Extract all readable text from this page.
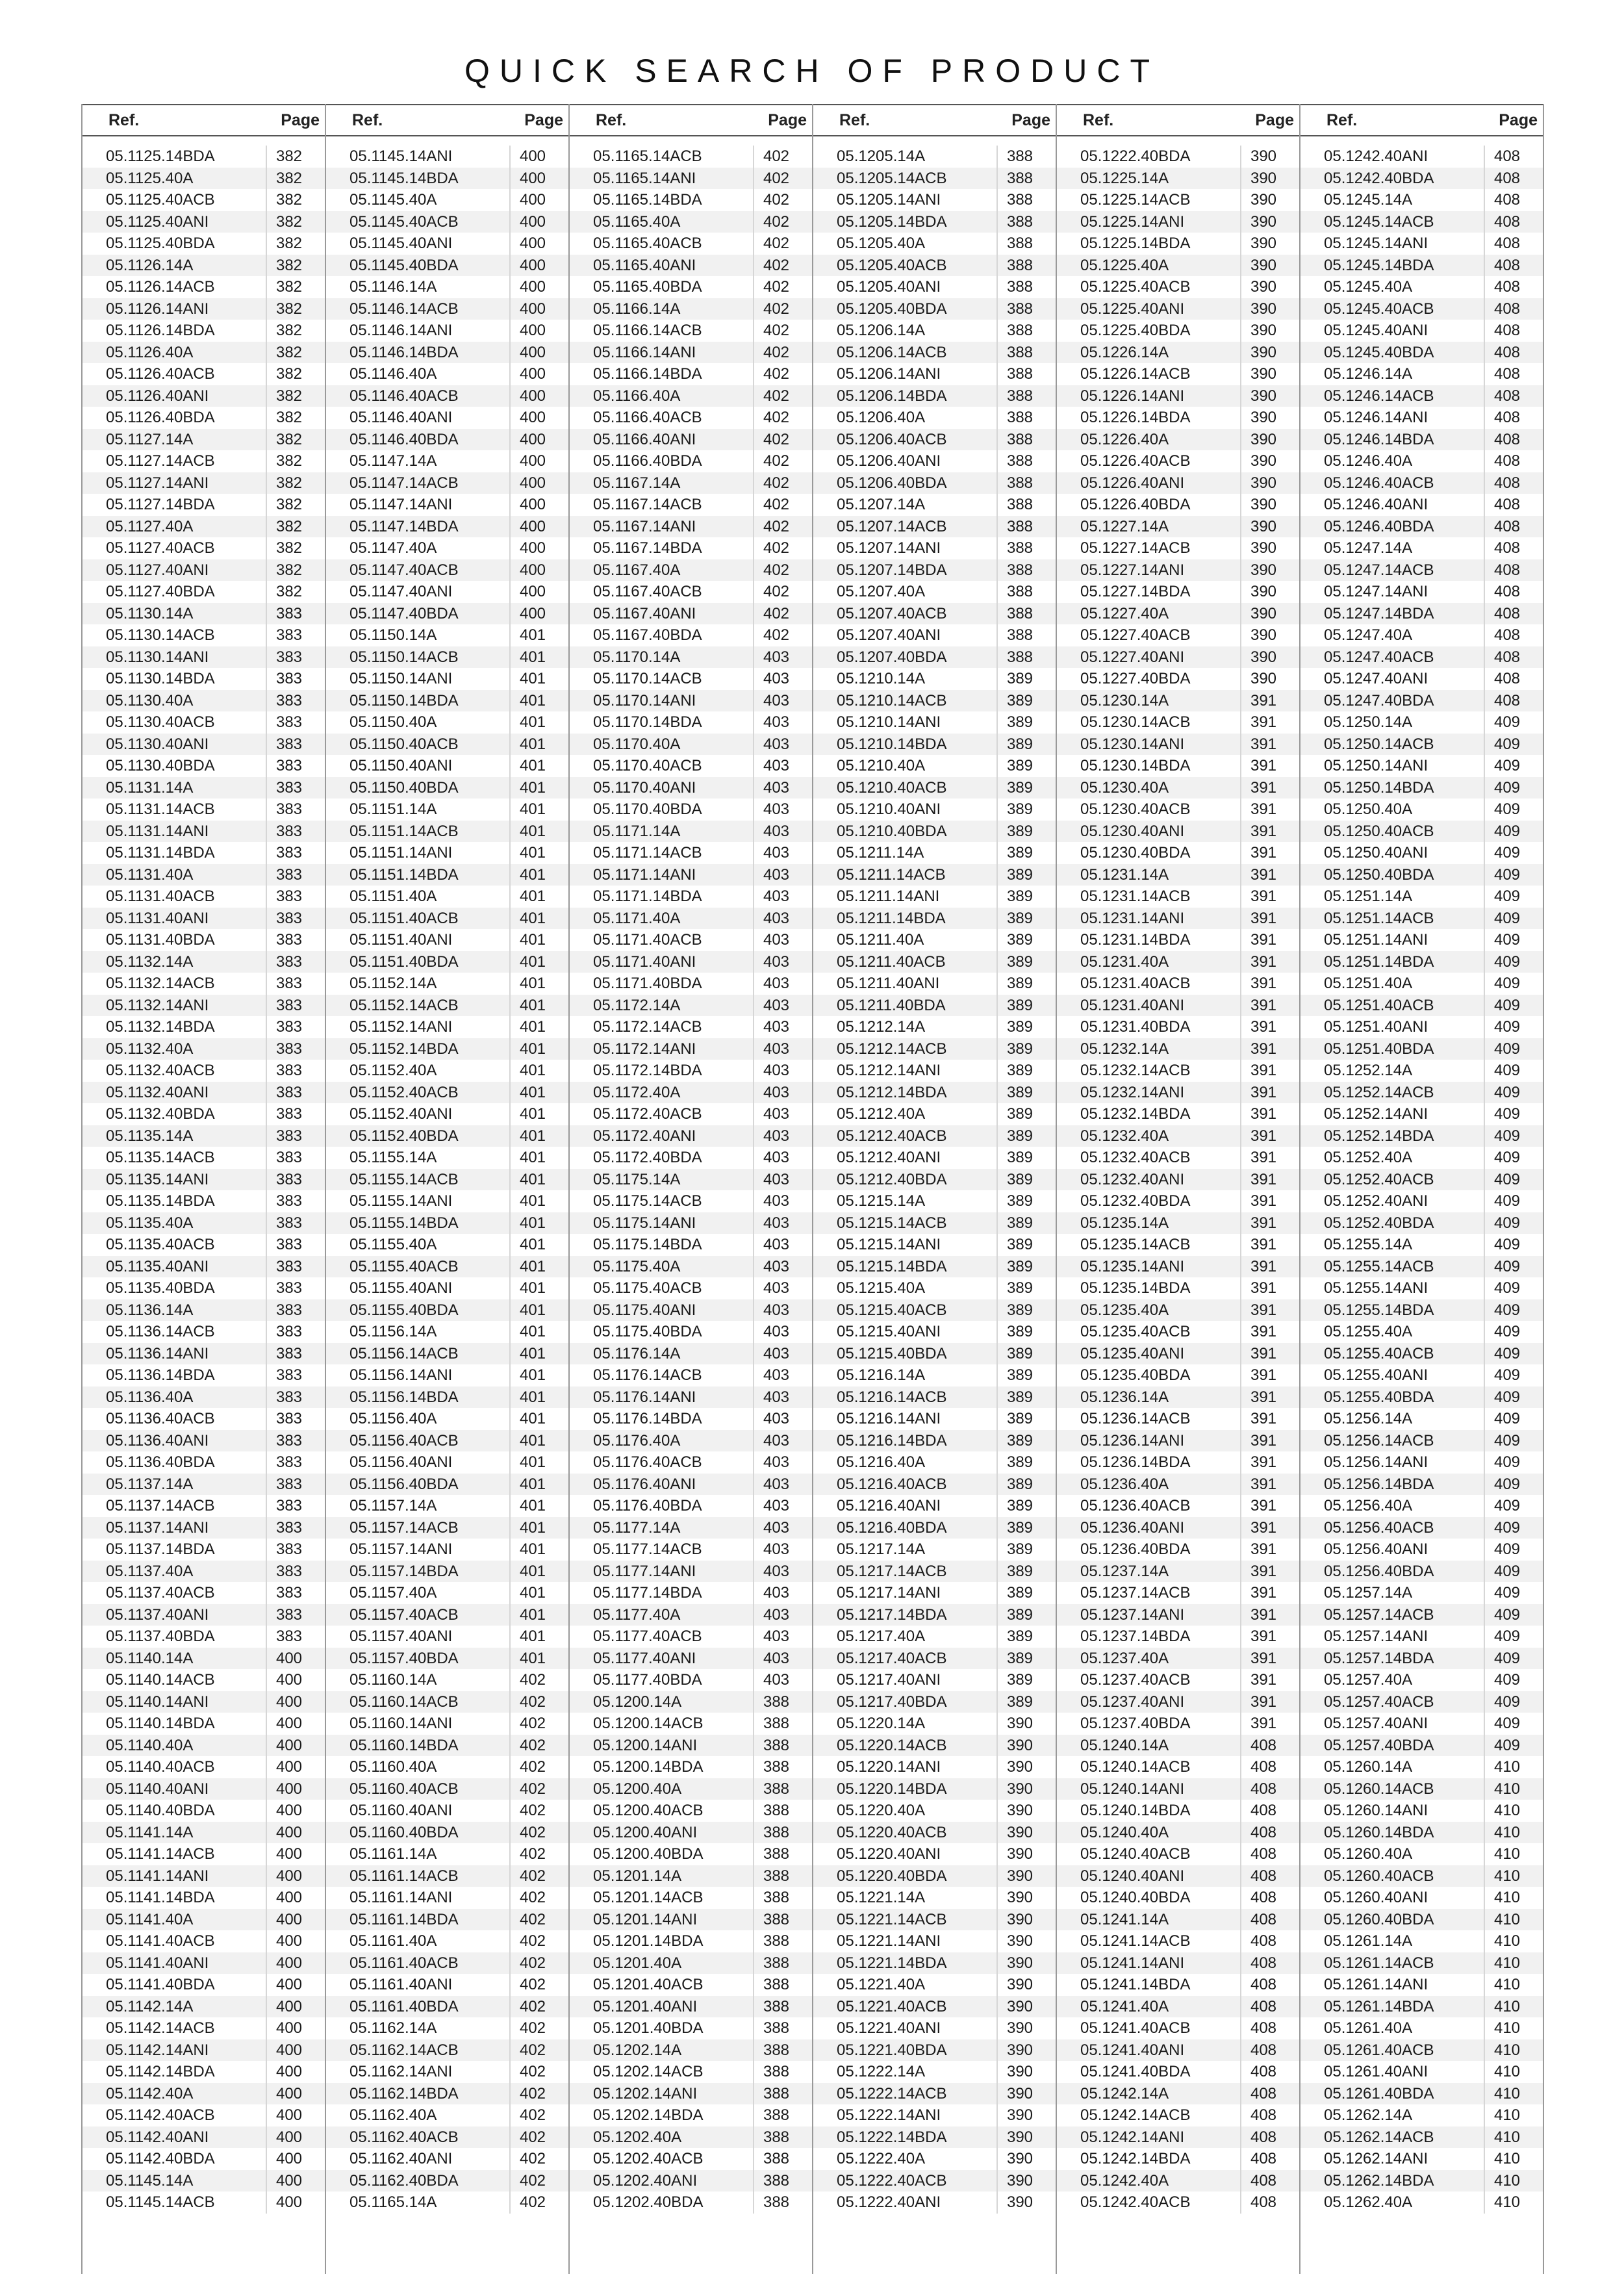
QUICK SEARCH OF PRODUCT
Ref.	Page
05.1125.14BDA	382
05.1125.40A	382
05.1125.40ACB	382
05.1125.40ANI	382
05.1125.40BDA	382
05.1126.14A	382
05.1126.14ACB	382
05.1126.14ANI	382
05.1126.14BDA	382
05.1126.40A	382
05.1126.40ACB	382
05.1126.40ANI	382
05.1126.40BDA	382
05.1127.14A	382
05.1127.14ACB	382
05.1127.14ANI	382
05.1127.14BDA	382
05.1127.40A	382
05.1127.40ACB	382
05.1127.40ANI	382
05.1127.40BDA	382
05.1130.14A	383
05.1130.14ACB	383
05.1130.14ANI	383
05.1130.14BDA	383
05.1130.40A	383
05.1130.40ACB	383
05.1130.40ANI	383
05.1130.40BDA	383
05.1131.14A	383
05.1131.14ACB	383
05.1131.14ANI	383
05.1131.14BDA	383
05.1131.40A	383
05.1131.40ACB	383
05.1131.40ANI	383
05.1131.40BDA	383
05.1132.14A	383
05.1132.14ACB	383
05.1132.14ANI	383
05.1132.14BDA	383
05.1132.40A	383
05.1132.40ACB	383
05.1132.40ANI	383
05.1132.40BDA	383
05.1135.14A	383
05.1135.14ACB	383
05.1135.14ANI	383
05.1135.14BDA	383
05.1135.40A	383
05.1135.40ACB	383
05.1135.40ANI	383
05.1135.40BDA	383
05.1136.14A	383
05.1136.14ACB	383
05.1136.14ANI	383
05.1136.14BDA	383
05.1136.40A	383
05.1136.40ACB	383
05.1136.40ANI	383
05.1136.40BDA	383
05.1137.14A	383
05.1137.14ACB	383
05.1137.14ANI	383
05.1137.14BDA	383
05.1137.40A	383
05.1137.40ACB	383
05.1137.40ANI	383
05.1137.40BDA	383
05.1140.14A	400
05.1140.14ACB	400
05.1140.14ANI	400
05.1140.14BDA	400
05.1140.40A	400
05.1140.40ACB	400
05.1140.40ANI	400
05.1140.40BDA	400
05.1141.14A	400
05.1141.14ACB	400
05.1141.14ANI	400
05.1141.14BDA	400
05.1141.40A	400
05.1141.40ACB	400
05.1141.40ANI	400
05.1141.40BDA	400
05.1142.14A	400
05.1142.14ACB	400
05.1142.14ANI	400
05.1142.14BDA	400
05.1142.40A	400
05.1142.40ACB	400
05.1142.40ANI	400
05.1142.40BDA	400
05.1145.14A	400
05.1145.14ACB	400
Ref.	Page
05.1145.14ANI	400
05.1145.14BDA	400
05.1145.40A	400
05.1145.40ACB	400
05.1145.40ANI	400
05.1145.40BDA	400
05.1146.14A	400
05.1146.14ACB	400
05.1146.14ANI	400
05.1146.14BDA	400
05.1146.40A	400
05.1146.40ACB	400
05.1146.40ANI	400
05.1146.40BDA	400
05.1147.14A	400
05.1147.14ACB	400
05.1147.14ANI	400
05.1147.14BDA	400
05.1147.40A	400
05.1147.40ACB	400
05.1147.40ANI	400
05.1147.40BDA	400
05.1150.14A	401
05.1150.14ACB	401
05.1150.14ANI	401
05.1150.14BDA	401
05.1150.40A	401
05.1150.40ACB	401
05.1150.40ANI	401
05.1150.40BDA	401
05.1151.14A	401
05.1151.14ACB	401
05.1151.14ANI	401
05.1151.14BDA	401
05.1151.40A	401
05.1151.40ACB	401
05.1151.40ANI	401
05.1151.40BDA	401
05.1152.14A	401
05.1152.14ACB	401
05.1152.14ANI	401
05.1152.14BDA	401
05.1152.40A	401
05.1152.40ACB	401
05.1152.40ANI	401
05.1152.40BDA	401
05.1155.14A	401
05.1155.14ACB	401
05.1155.14ANI	401
05.1155.14BDA	401
05.1155.40A	401
05.1155.40ACB	401
05.1155.40ANI	401
05.1155.40BDA	401
05.1156.14A	401
05.1156.14ACB	401
05.1156.14ANI	401
05.1156.14BDA	401
05.1156.40A	401
05.1156.40ACB	401
05.1156.40ANI	401
05.1156.40BDA	401
05.1157.14A	401
05.1157.14ACB	401
05.1157.14ANI	401
05.1157.14BDA	401
05.1157.40A	401
05.1157.40ACB	401
05.1157.40ANI	401
05.1157.40BDA	401
05.1160.14A	402
05.1160.14ACB	402
05.1160.14ANI	402
05.1160.14BDA	402
05.1160.40A	402
05.1160.40ACB	402
05.1160.40ANI	402
05.1160.40BDA	402
05.1161.14A	402
05.1161.14ACB	402
05.1161.14ANI	402
05.1161.14BDA	402
05.1161.40A	402
05.1161.40ACB	402
05.1161.40ANI	402
05.1161.40BDA	402
05.1162.14A	402
05.1162.14ACB	402
05.1162.14ANI	402
05.1162.14BDA	402
05.1162.40A	402
05.1162.40ACB	402
05.1162.40ANI	402
05.1162.40BDA	402
05.1165.14A	402
Ref.	Page
05.1165.14ACB	402
05.1165.14ANI	402
05.1165.14BDA	402
05.1165.40A	402
05.1165.40ACB	402
05.1165.40ANI	402
05.1165.40BDA	402
05.1166.14A	402
05.1166.14ACB	402
05.1166.14ANI	402
05.1166.14BDA	402
05.1166.40A	402
05.1166.40ACB	402
05.1166.40ANI	402
05.1166.40BDA	402
05.1167.14A	402
05.1167.14ACB	402
05.1167.14ANI	402
05.1167.14BDA	402
05.1167.40A	402
05.1167.40ACB	402
05.1167.40ANI	402
05.1167.40BDA	402
05.1170.14A	403
05.1170.14ACB	403
05.1170.14ANI	403
05.1170.14BDA	403
05.1170.40A	403
05.1170.40ACB	403
05.1170.40ANI	403
05.1170.40BDA	403
05.1171.14A	403
05.1171.14ACB	403
05.1171.14ANI	403
05.1171.14BDA	403
05.1171.40A	403
05.1171.40ACB	403
05.1171.40ANI	403
05.1171.40BDA	403
05.1172.14A	403
05.1172.14ACB	403
05.1172.14ANI	403
05.1172.14BDA	403
05.1172.40A	403
05.1172.40ACB	403
05.1172.40ANI	403
05.1172.40BDA	403
05.1175.14A	403
05.1175.14ACB	403
05.1175.14ANI	403
05.1175.14BDA	403
05.1175.40A	403
05.1175.40ACB	403
05.1175.40ANI	403
05.1175.40BDA	403
05.1176.14A	403
05.1176.14ACB	403
05.1176.14ANI	403
05.1176.14BDA	403
05.1176.40A	403
05.1176.40ACB	403
05.1176.40ANI	403
05.1176.40BDA	403
05.1177.14A	403
05.1177.14ACB	403
05.1177.14ANI	403
05.1177.14BDA	403
05.1177.40A	403
05.1177.40ACB	403
05.1177.40ANI	403
05.1177.40BDA	403
05.1200.14A	388
05.1200.14ACB	388
05.1200.14ANI	388
05.1200.14BDA	388
05.1200.40A	388
05.1200.40ACB	388
05.1200.40ANI	388
05.1200.40BDA	388
05.1201.14A	388
05.1201.14ACB	388
05.1201.14ANI	388
05.1201.14BDA	388
05.1201.40A	388
05.1201.40ACB	388
05.1201.40ANI	388
05.1201.40BDA	388
05.1202.14A	388
05.1202.14ACB	388
05.1202.14ANI	388
05.1202.14BDA	388
05.1202.40A	388
05.1202.40ACB	388
05.1202.40ANI	388
05.1202.40BDA	388
Ref.	Page
05.1205.14A	388
05.1205.14ACB	388
05.1205.14ANI	388
05.1205.14BDA	388
05.1205.40A	388
05.1205.40ACB	388
05.1205.40ANI	388
05.1205.40BDA	388
05.1206.14A	388
05.1206.14ACB	388
05.1206.14ANI	388
05.1206.14BDA	388
05.1206.40A	388
05.1206.40ACB	388
05.1206.40ANI	388
05.1206.40BDA	388
05.1207.14A	388
05.1207.14ACB	388
05.1207.14ANI	388
05.1207.14BDA	388
05.1207.40A	388
05.1207.40ACB	388
05.1207.40ANI	388
05.1207.40BDA	388
05.1210.14A	389
05.1210.14ACB	389
05.1210.14ANI	389
05.1210.14BDA	389
05.1210.40A	389
05.1210.40ACB	389
05.1210.40ANI	389
05.1210.40BDA	389
05.1211.14A	389
05.1211.14ACB	389
05.1211.14ANI	389
05.1211.14BDA	389
05.1211.40A	389
05.1211.40ACB	389
05.1211.40ANI	389
05.1211.40BDA	389
05.1212.14A	389
05.1212.14ACB	389
05.1212.14ANI	389
05.1212.14BDA	389
05.1212.40A	389
05.1212.40ACB	389
05.1212.40ANI	389
05.1212.40BDA	389
05.1215.14A	389
05.1215.14ACB	389
05.1215.14ANI	389
05.1215.14BDA	389
05.1215.40A	389
05.1215.40ACB	389
05.1215.40ANI	389
05.1215.40BDA	389
05.1216.14A	389
05.1216.14ACB	389
05.1216.14ANI	389
05.1216.14BDA	389
05.1216.40A	389
05.1216.40ACB	389
05.1216.40ANI	389
05.1216.40BDA	389
05.1217.14A	389
05.1217.14ACB	389
05.1217.14ANI	389
05.1217.14BDA	389
05.1217.40A	389
05.1217.40ACB	389
05.1217.40ANI	389
05.1217.40BDA	389
05.1220.14A	390
05.1220.14ACB	390
05.1220.14ANI	390
05.1220.14BDA	390
05.1220.40A	390
05.1220.40ACB	390
05.1220.40ANI	390
05.1220.40BDA	390
05.1221.14A	390
05.1221.14ACB	390
05.1221.14ANI	390
05.1221.14BDA	390
05.1221.40A	390
05.1221.40ACB	390
05.1221.40ANI	390
05.1221.40BDA	390
05.1222.14A	390
05.1222.14ACB	390
05.1222.14ANI	390
05.1222.14BDA	390
05.1222.40A	390
05.1222.40ACB	390
05.1222.40ANI	390
Ref.	Page
05.1222.40BDA	390
05.1225.14A	390
05.1225.14ACB	390
05.1225.14ANI	390
05.1225.14BDA	390
05.1225.40A	390
05.1225.40ACB	390
05.1225.40ANI	390
05.1225.40BDA	390
05.1226.14A	390
05.1226.14ACB	390
05.1226.14ANI	390
05.1226.14BDA	390
05.1226.40A	390
05.1226.40ACB	390
05.1226.40ANI	390
05.1226.40BDA	390
05.1227.14A	390
05.1227.14ACB	390
05.1227.14ANI	390
05.1227.14BDA	390
05.1227.40A	390
05.1227.40ACB	390
05.1227.40ANI	390
05.1227.40BDA	390
05.1230.14A	391
05.1230.14ACB	391
05.1230.14ANI	391
05.1230.14BDA	391
05.1230.40A	391
05.1230.40ACB	391
05.1230.40ANI	391
05.1230.40BDA	391
05.1231.14A	391
05.1231.14ACB	391
05.1231.14ANI	391
05.1231.14BDA	391
05.1231.40A	391
05.1231.40ACB	391
05.1231.40ANI	391
05.1231.40BDA	391
05.1232.14A	391
05.1232.14ACB	391
05.1232.14ANI	391
05.1232.14BDA	391
05.1232.40A	391
05.1232.40ACB	391
05.1232.40ANI	391
05.1232.40BDA	391
05.1235.14A	391
05.1235.14ACB	391
05.1235.14ANI	391
05.1235.14BDA	391
05.1235.40A	391
05.1235.40ACB	391
05.1235.40ANI	391
05.1235.40BDA	391
05.1236.14A	391
05.1236.14ACB	391
05.1236.14ANI	391
05.1236.14BDA	391
05.1236.40A	391
05.1236.40ACB	391
05.1236.40ANI	391
05.1236.40BDA	391
05.1237.14A	391
05.1237.14ACB	391
05.1237.14ANI	391
05.1237.14BDA	391
05.1237.40A	391
05.1237.40ACB	391
05.1237.40ANI	391
05.1237.40BDA	391
05.1240.14A	408
05.1240.14ACB	408
05.1240.14ANI	408
05.1240.14BDA	408
05.1240.40A	408
05.1240.40ACB	408
05.1240.40ANI	408
05.1240.40BDA	408
05.1241.14A	408
05.1241.14ACB	408
05.1241.14ANI	408
05.1241.14BDA	408
05.1241.40A	408
05.1241.40ACB	408
05.1241.40ANI	408
05.1241.40BDA	408
05.1242.14A	408
05.1242.14ACB	408
05.1242.14ANI	408
05.1242.14BDA	408
05.1242.40A	408
05.1242.40ACB	408
Ref.	Page
05.1242.40ANI	408
05.1242.40BDA	408
05.1245.14A	408
05.1245.14ACB	408
05.1245.14ANI	408
05.1245.14BDA	408
05.1245.40A	408
05.1245.40ACB	408
05.1245.40ANI	408
05.1245.40BDA	408
05.1246.14A	408
05.1246.14ACB	408
05.1246.14ANI	408
05.1246.14BDA	408
05.1246.40A	408
05.1246.40ACB	408
05.1246.40ANI	408
05.1246.40BDA	408
05.1247.14A	408
05.1247.14ACB	408
05.1247.14ANI	408
05.1247.14BDA	408
05.1247.40A	408
05.1247.40ACB	408
05.1247.40ANI	408
05.1247.40BDA	408
05.1250.14A	409
05.1250.14ACB	409
05.1250.14ANI	409
05.1250.14BDA	409
05.1250.40A	409
05.1250.40ACB	409
05.1250.40ANI	409
05.1250.40BDA	409
05.1251.14A	409
05.1251.14ACB	409
05.1251.14ANI	409
05.1251.14BDA	409
05.1251.40A	409
05.1251.40ACB	409
05.1251.40ANI	409
05.1251.40BDA	409
05.1252.14A	409
05.1252.14ACB	409
05.1252.14ANI	409
05.1252.14BDA	409
05.1252.40A	409
05.1252.40ACB	409
05.1252.40ANI	409
05.1252.40BDA	409
05.1255.14A	409
05.1255.14ACB	409
05.1255.14ANI	409
05.1255.14BDA	409
05.1255.40A	409
05.1255.40ACB	409
05.1255.40ANI	409
05.1255.40BDA	409
05.1256.14A	409
05.1256.14ACB	409
05.1256.14ANI	409
05.1256.14BDA	409
05.1256.40A	409
05.1256.40ACB	409
05.1256.40ANI	409
05.1256.40BDA	409
05.1257.14A	409
05.1257.14ACB	409
05.1257.14ANI	409
05.1257.14BDA	409
05.1257.40A	409
05.1257.40ACB	409
05.1257.40ANI	409
05.1257.40BDA	409
05.1260.14A	410
05.1260.14ACB	410
05.1260.14ANI	410
05.1260.14BDA	410
05.1260.40A	410
05.1260.40ACB	410
05.1260.40ANI	410
05.1260.40BDA	410
05.1261.14A	410
05.1261.14ACB	410
05.1261.14ANI	410
05.1261.14BDA	410
05.1261.40A	410
05.1261.40ACB	410
05.1261.40ANI	410
05.1261.40BDA	410
05.1262.14A	410
05.1262.14ACB	410
05.1262.14ANI	410
05.1262.14BDA	410
05.1262.40A	410
